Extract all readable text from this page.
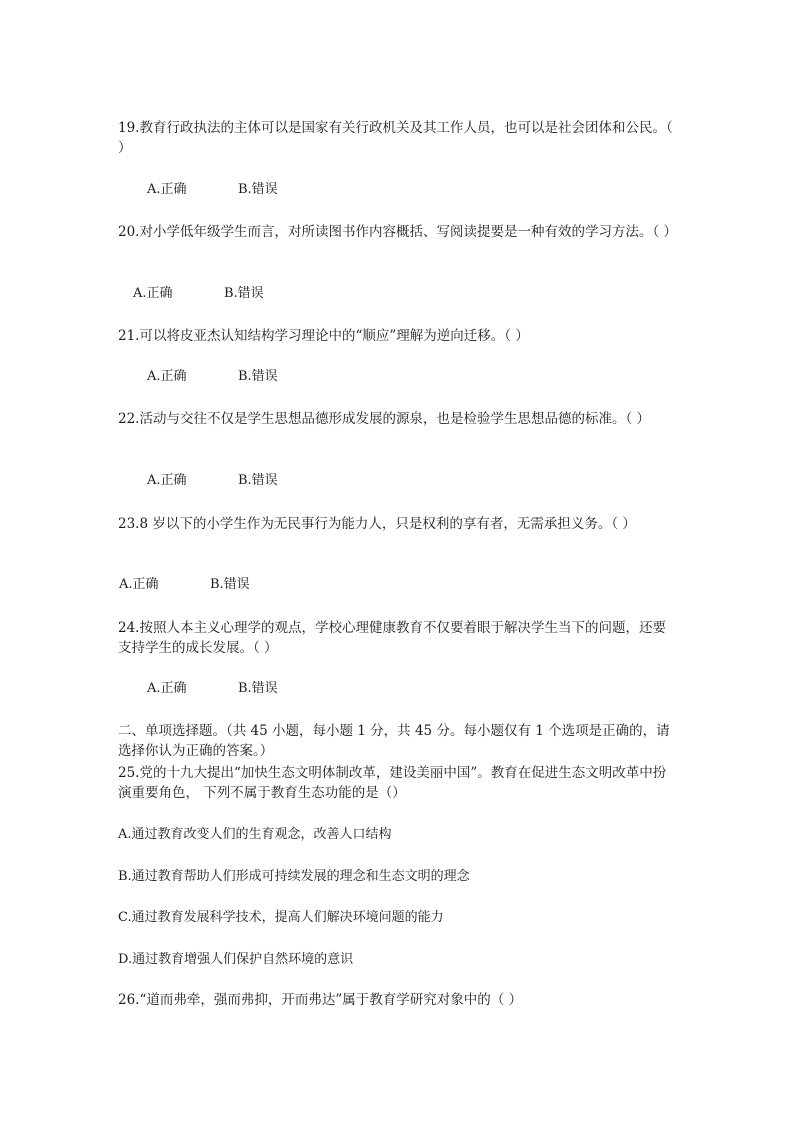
19.教育行政执法的主体可以是国家有关行政机关及其工作人员，也可以是社会团体和公民。（ ）
A.正确	B.错误
20.对小学低年级学生而言，对所读图书作内容概括、写阅读提要是一种有效的学习方法。（ ）
A.正确	B.错误
21.可以将皮亚杰认知结构学习理论中的“顺应”理解为逆向迁移。（ ）
A.正确	B.错误
22.活动与交往不仅是学生思想品德形成发展的源泉，也是检验学生思想品德的标准。（ ）
A.正确	B.错误
23.8 岁以下的小学生作为无民事行为能力人，只是权利的享有者，无需承担义务。（ ）
A.正确	B.错误
24.按照人本主义心理学的观点，学校心理健康教育不仅要着眼于解决学生当下的问题，还要支持学生的成长发展。（ ）
A.正确	B.错误
二、单项选择题。（共 45 小题，每小题 1 分，共 45 分。每小题仅有 1 个选项是正确的，请选择你认为正确的答案。）
25.党的十九大提出“加快生态文明体制改革，建设美丽中国”。教育在促进生态文明改革中扮演重要角色， 下列不属于教育生态功能的是（）
A.通过教育改变人们的生育观念，改善人口结构
B.通过教育帮助人们形成可持续发展的理念和生态文明的理念
C.通过教育发展科学技术，提高人们解决环境问题的能力
D.通过教育增强人们保护自然环境的意识
26.“道而弗牵，强而弗抑，开而弗达”属于教育学研究对象中的（ ）
